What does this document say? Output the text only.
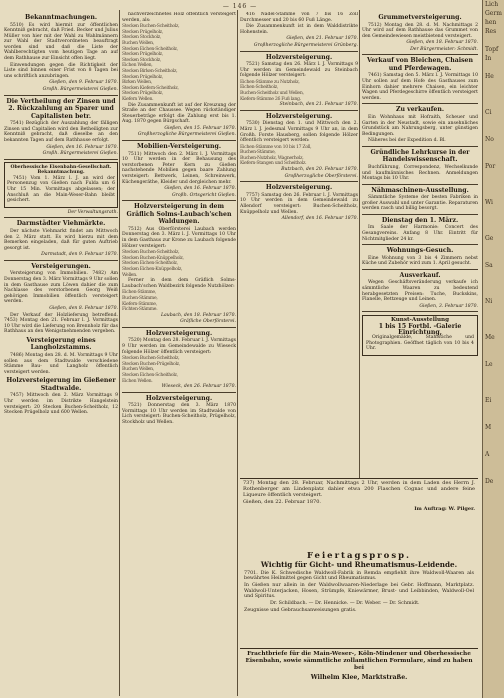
— 146 —
Bekanntmachungen.
5510) Es wird hiermit zur öffentlichen Kenntniß gebracht, daß Fried. Becker und Julius Müller von hier mit der Wahl zu Wahlmännern zur Wahl der Stadtverordneten beauftragt worden sind und daß die Liste der Wahlberechtigten vom heutigen Tage an auf dem Rathhause zur Einsicht offen liegt.
Einwendungen gegen die Richtigkeit der Liste sind binnen einer Frist von 8 Tagen bei uns schriftlich anzubringen.
Gießen, den 9. Februar 1870.
Großh. Bürgermeisterei Gießen.
Die Vertheilung der Zinsen und 2. Rückzahlung an Sparer und Capitalisten betr.
7541) Bezüglich der Auszahlung der fälligen Zinsen und Capitalien wird den Betheiligten zur Kenntniß gebracht, daß dieselbe an den bekannten Tagen auf dem Rathhause erfolgt.
Gießen, den 16. Februar 1870.
Großh. Bürgermeisterei Gießen.
Oberhessische Eisenbahn-Gesellschaft. Bekanntmachung.
7451) Vom 1. März l. J. an wird der Personenzug von Gießen nach Fulda um 6 Uhr 15 Min. Vormittags abgelassen; der Anschluß an die Main-Weser-Bahn bleibt gesichert.
Der Verwaltungsrath.
Darmstädter Viehmärkte.
Der nächste Viehmarkt findet am Mittwoch den 2. März statt. Es wird hierzu mit dem Bemerken eingeladen, daß für guten Auftrieb gesorgt ist.
Darmstadt, den 9. Februar 1870.
Versteigerungen.
Versteigerung von Immobilien. 7482) Am Donnerstag den 3. März Vormittags 9 Uhr sollen in dem Gasthause zum Löwen dahier die zum Nachlasse des verstorbenen Georg Weiß gehörigen Immobilien öffentlich versteigert werden.
Gießen, den 8. Februar 1870.
Der Verkauf der Holzlieferung betreffend. 7453) Montag den 21. Februar l. J. Vormittags 10 Uhr wird die Lieferung von Brennholz für das Rathhaus an den Wenigstnehmenden vergeben.
Versteigerung eines Langholzstamms.
7486) Montag den 28. d. M. Vormittags 9 Uhr sollen aus dem Stadtwalde verschiedene Stämme Bau- und Langholz öffentlich versteigert werden.
Holzversteigerung im Gießener Stadtwalde.
7457) Mittwoch den 2. März Vormittags 9 Uhr werden im Distrikte Hangelstein versteigert: 20 Stecken Buchen-Scheitholz, 12 Stecken Prügelholz und 600 Wellen.
nachverzeichnetes Holz öffentlich versteigert werden, als:
Stecken Buchen-Scheitholz,
Stecken Prügelholz,
Stecken Stockholz,
Buchen Wellen,
Stecken Eichen-Scheitholz,
Stecken Prügelholz,
Stecken Stockholz,
Eichen Wellen,
Stecken Birken-Scheitholz,
Stecken Prügelholz,
Birken Wellen,
Stecken Kiefern-Scheitholz,
Stecken Prügelholz,
Kiefern Wellen.
Die Zusammenkunft ist auf der Kreuzung der Straße an der Chaussee. Wegen rückständiger Steuerbeträge erfolgt die Zahlung erst bis 1. Aug. 1870 gegen Bürgschaft.
Gießen, den 15. Februar 1870.
Großherzogliche Bürgermeisterei Gießen.
Mobilien-Versteigerung.
7511) Mittwoch den 2. März l. J. Vormittags 10 Uhr werden in der Behausung des verstorbenen Peter Kern zu Gießen nachstehende Mobilien gegen baare Zahlung versteigert: Bettwerk, Leinen, Schreinwerk, Küchengeräthe, Kleider und dergleichen mehr.
Gießen, den 16. Februar 1870.
Großh. Ortsgericht Gießen.
Holzversteigerung in dem Gräflich Solms-Laubach'schen Waldungen.
7512) Aus Oberförsterei Laubach werden Donnerstag den 3. März l. J. Vormittags 10 Uhr in dem Gasthaus zur Krone zu Laubach folgende Hölzer versteigert:
Stecken Buchen-Scheitholz,
Stecken Buchen-Knüppelholz,
Stecken Eichen-Scheitholz,
Stecken Eichen-Knüppelholz,
Wellen.
Ferner in dem dem Gräflich Solms-Laubach'schen Waldbezirk folgende Nutzhölzer:
Eichen-Stämme,
Buchen-Stämme,
Kiefern-Stämme,
Fichten-Stämme.
Laubach, den 18. Februar 1870.
Gräfliche Oberförsterei.
Holzversteigerung.
7520) Montag den 28. Februar l. J. Vormittags 9 Uhr werden im Gemeindewalde zu Wieseck folgende Hölzer öffentlich versteigert:
Stecken Buchen-Scheitholz,
Stecken Buchen-Prügelholz,
Buchen Wellen,
Stecken Eichen-Scheitholz,
Eichen Wellen.
Wieseck, den 26. Februar 1870.
Holzversteigerung.
7521) Donnerstag den 3. März 1870 Vormittags 10 Uhr werden im Stadtwalde von Lich versteigert: Buchen-Scheitholz, Prügelholz, Stockholz und Wellen.
416 Nadel-Stämme von 7 bis 16 Zoll Durchmesser und 20 bis 60 Fuß Länge.
Die Zusammenkunft ist in dem Walddistrikte Hohenstein.
Gießen, den 21. Februar 1870.
Großherzogliche Bürgermeisterei Grünberg.
Holzversteigerung.
7521) Samstag den 26. März l. J. Vormittags 9 Uhr werden im Gemeindewald zu Steinbach folgende Hölzer versteigert:
Eichen-Stämme zu Nutzholz,
Eichen-Scheitholz,
Buchen-Scheitholz und Wellen,
Kiefern-Stämme 26 Fuß lang.
Steinbach, den 21. Februar 1870.
Holzversteigerung.
7530) Dienstag den 1. und Mittwoch den 2. März l. J. jedesmal Vormittags 9 Uhr an, in dem Großh. Forste Hausberg, sollen folgende Hölzer öffentlich versteigert werden:
Eichen-Stämme von 10 bis 17 Zoll,
Buchen-Stämme,
Buchen-Nutzholz, Wagnerholz,
Kiefern-Stangen und Scheitholz.
Butzbach, den 20. Februar 1870.
Großherzogliche Oberförsterei.
Holzversteigerung.
7757) Samstag den 26. Februar l. J. Vormittags 10 Uhr werden in dem Gemeindewald zu Allendorf versteigert: Buchen-Scheitholz, Knüppelholz und Wellen.
Allendorf, den 16. Februar 1870.
Grummetversteigerung.
7512) Montag den 28. d. M. Nachmittags 2 Uhr wird auf dem Rathhause das Grummet von den Gemeindewiesen meistbietend versteigert.
Gießen, den 18. Februar 1870.
Der Bürgermeister: Schmidt.
Verkauf von Bleichen, Chaisen und Pferdewagen.
7461) Samstag den 5. März l. J. Vormittags 10 Uhr sollen auf dem Hofe des Gasthauses zum Einhorn dahier mehrere Chaisen, ein leichter Wagen und Pferdegeschirre öffentlich versteigert werden.
Zu verkaufen.
Ein Wohnhaus mit Hofraith, Scheuer und Garten in der Neustadt, sowie ein ansehnliches Grundstück am Nahrungsberg, unter günstigen Bedingungen.
Näheres bei der Expedition d. Bl.
Gründliche Lehrkurse in der Handelswissenschaft.
Buchführung, Correspondenz, Wechselkunde und kaufmännisches Rechnen. Anmeldungen Montags bis 10 Uhr.
Nähmaschinen-Ausstellung.
Sämmtliche Systeme der besten Fabriken in großer Auswahl und unter Garantie. Reparaturen werden rasch und billig besorgt.
Dienstag den 1. März.
Im Saale der Harmonie: Concert des Gesangvereins. Anfang 8 Uhr. Eintritt für Nichtmitglieder 24 kr.
Wohnungs-Gesuch.
Eine Wohnung von 3 bis 4 Zimmern nebst Küche und Zubehör wird zum 1. April gesucht.
Ausverkauf.
Wegen Geschäftsveränderung verkaufe ich sämmtliche Waaren zu bedeutend herabgesetzten Preisen: Tuche, Buckskins, Flanelle, Bettzeuge und Leinen.
Gießen, 3. Februar 1870.
Kunst-Ausstellung
1 bis 15 Fortbl. -Galerie Einrichtung,
Originalgemälde, Stahlstiche und Photographien. Geöffnet täglich von 10 bis 4 Uhr.
737) Montag den 28. Februar, Nachmittags 2 Uhr, werden in dem Laden des Herrn J. Rothenberger am Lindenplatz dahier etwa 200 Flaschen Cognac und andere feine Liqueure öffentlich versteigert.
Gießen, den 22. Februar 1870.
Im Auftrag: W. Pilger.
Feiertagsprosp.
Wichtig für Gicht- und Rheumatismus-Leidende.
7701. Die K. Schwedische Waldwoll-Fabrik in Remda empfiehlt ihre Waldwoll-Waaren als bewährtes Heilmittel gegen Gicht und Rheumatismus.
In Gießen nur allein in der Waldwollwaaren-Niederlage bei Gebr. Hoffmann, Marktplatz. Waldwoll-Unterjacken, Hosen, Strümpfe, Kniewärmer, Brust- und Leibbinden, Waldwoll-Oel und Spiritus.
Dr. Schildbach. — Dr. Hennicke. — Dr. Weber. — Dr. Schmidt.
Zeugnisse und Gebrauchsanweisungen gratis.
Frachtbriefe für die Main-Weser-, Köln-Mindener und Oberhessische Eisenbahn, sowie sämmtliche zollamtlichen Formulare, sind zu haben bei
Wilhelm Klee, Marktstraße.
Lich
Germ
hen
Res

Topf
In

He

Ci

No

Por

Wi

Ge

Sa

Ni

Me

Le

Ei

M

A

De
